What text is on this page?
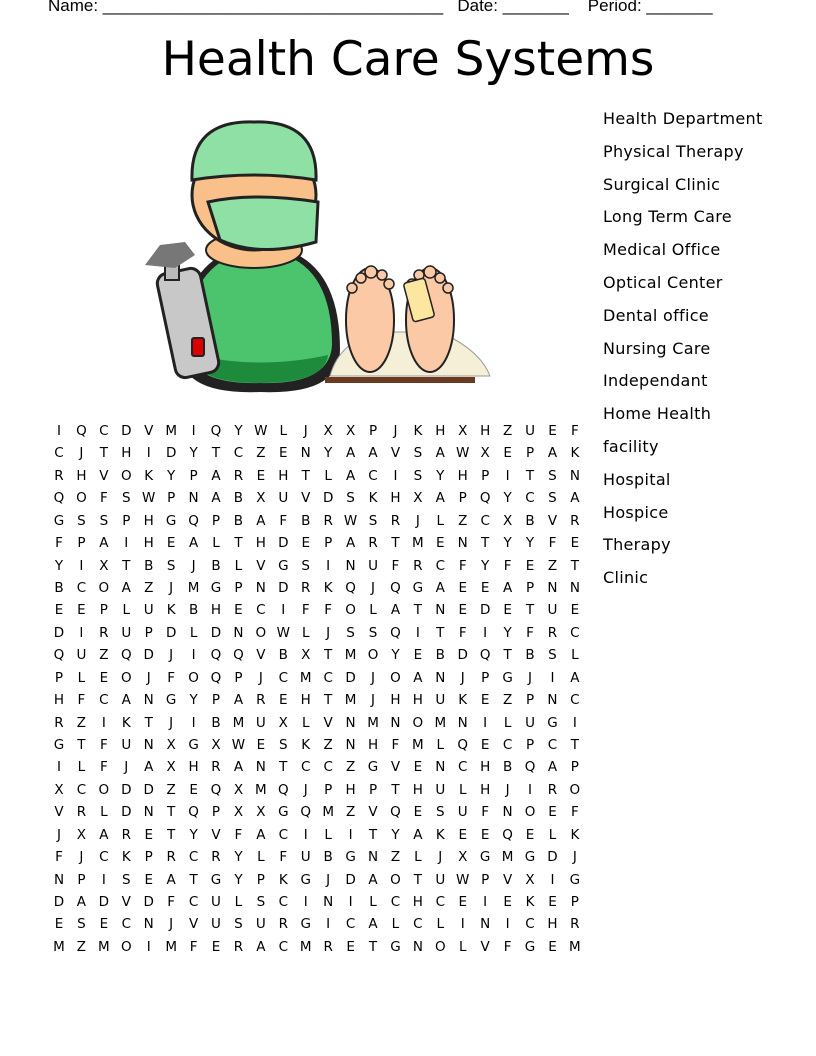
Name: ____________________________________ Date: _______ Period: _______
Health Care Systems
Health Department
Physical Therapy
Surgical Clinic
Long Term Care
Medical Office
Optical Center
Dental office
Nursing Care
Independant
Home Health
facility
Hospital
Hospice
Therapy
Clinic
I	Q C D V M	I	Q Y W L	J	X X	P	J	K H X H Z U E	F
C	J	T H	I	D Y	T	C Z	E N Y	A A V	S	A W X	E	P	A K
R H V O K	Y	P	A R E H T	L	A C	I	S	Y H P	I	T	S N
Q O F	S W P N A B X U V D S	K H X A	P Q Y	C S	A
G S	S	P H G Q P	B A	F	B R W S R	J	L	Z C X B V R
F	P	A	I	H E	A	L	T H D E	P	A R	T M E N T	Y	Y	F	E
Y	I	X	T	B	S	J	B	L	V G S	I	N U	F	R C	F	Y	F	E	Z	T
B C O A Z	J	M G P N D R K Q	J	Q G A	E	E	A	P N N
E	E	P	L	U K B H E C	I	F	F O L	A	T N E D E	T U E
D	I	R U P D L D N O W L	J	S	S Q	I	T	F	I	Y	F	R C
Q U Z Q D	J	I	Q Q V B X	T M O Y	E	B D Q T	B	S	L
P	L	E O	J	F O Q P	J	C M C D	J	O A N	J	P G	J	I	A
H F	C A N G Y	P	A R E H T M	J	H H U K	E	Z	P N C
R Z	I	K	T	J	I	B M U X	L	V N M N O M N	I	L	U G	I
G T	F	U N X G X W E	S	K Z N H F M L Q E C	P	C	T
I	L	F	J	A X H R A N T	C C Z G V	E N C H B Q A	P
X C O D D Z	E Q X M Q	J	P H P	T H U	L	H	J	I	R O
V R	L D N T Q P	X X G Q M Z V Q E	S U	F	N O E	F
J	X A R E	T	Y	V	F	A C	I	L	I	T	Y	A K	E	E Q E	L	K
F	J	C K	P	R C R	Y	L	F	U B G N Z	L	J	X G M G D	J
N P	I	S	E	A	T G Y	P	K G	J	D A O T U W P	V X	I	G
D A D V D F	C U	L	S C	I	N	I	L	C H C E	I	E	K	E	P
E	S	E C N	J	V U S U R G	I	C A	L	C	L	I	N	I	C H R
M Z M O	I	M F	E R A C M R E	T G N O L	V	F G E M
